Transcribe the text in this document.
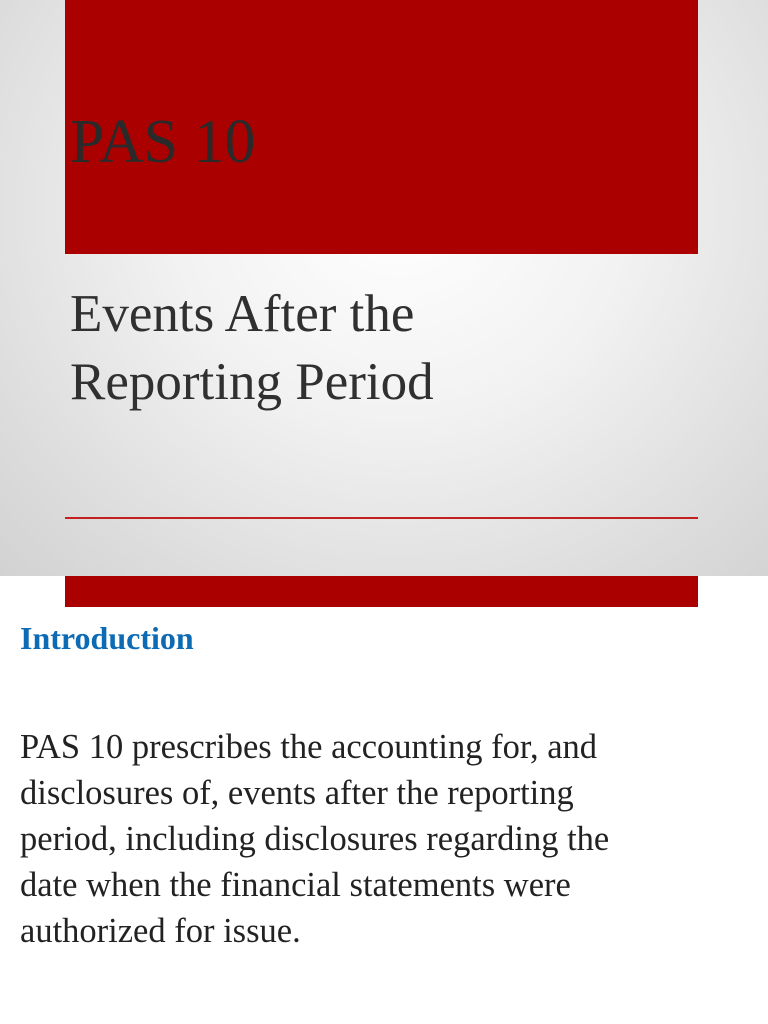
PAS 10
Events After the
Reporting Period
Introduction

PAS 10 prescribes the accounting for, and
disclosures of, events after the reporting
period, including disclosures regarding the
date when the financial statements were
authorized for issue.
